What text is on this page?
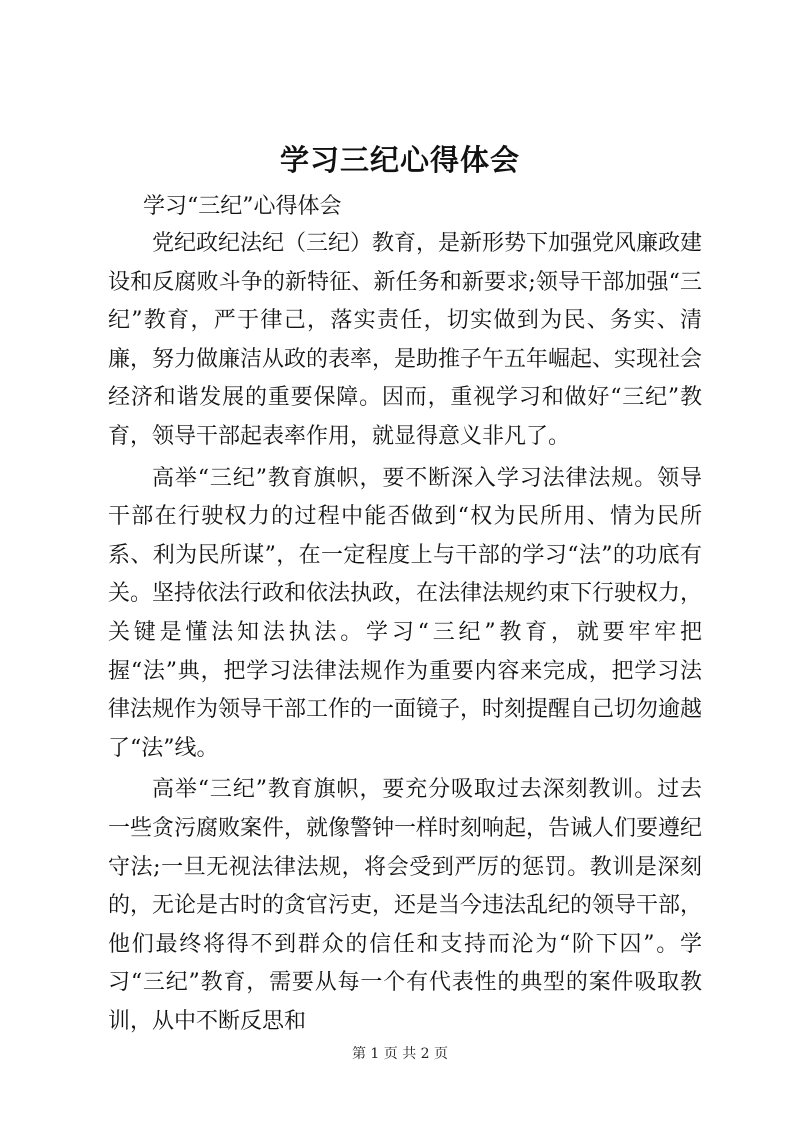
学习三纪心得体会
学习“三纪”心得体会

党纪政纪法纪（三纪）教育，是新形势下加强党风廉政建设和反腐败斗争的新特征、新任务和新要求;领导干部加强“三纪”教育，严于律己，落实责任，切实做到为民、务实、清廉，努力做廉洁从政的表率，是助推子午五年崛起、实现社会经济和谐发展的重要保障。因而，重视学习和做好“三纪”教育，领导干部起表率作用，就显得意义非凡了。

高举“三纪”教育旗帜，要不断深入学习法律法规。领导干部在行驶权力的过程中能否做到“权为民所用、情为民所系、利为民所谋”，在一定程度上与干部的学习“法”的功底有关。坚持依法行政和依法执政，在法律法规约束下行驶权力，关键是懂法知法执法。学习“三纪”教育，就要牢牢把握“法”典，把学习法律法规作为重要内容来完成，把学习法律法规作为领导干部工作的一面镜子，时刻提醒自己切勿逾越了“法”线。

高举“三纪”教育旗帜，要充分吸取过去深刻教训。过去一些贪污腐败案件，就像警钟一样时刻响起，告诫人们要遵纪守法;一旦无视法律法规，将会受到严厉的惩罚。教训是深刻的，无论是古时的贪官污吏，还是当今违法乱纪的领导干部，他们最终将得不到群众的信任和支持而沦为“阶下囚”。学习“三纪”教育，需要从每一个有代表性的典型的案件吸取教训，从中不断反思和

第 1 页 共 2 页
